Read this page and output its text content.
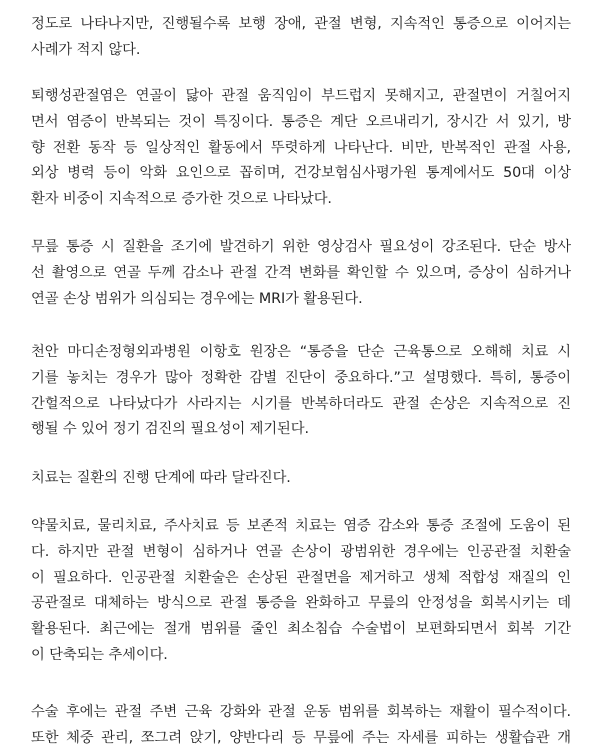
정도로 나타나지만, 진행될수록 보행 장애, 관절 변형, 지속적인 통증으로 이어지는
사례가 적지 않다.

퇴행성관절염은 연골이 닳아 관절 움직임이 부드럽지 못해지고, 관절면이 거칠어지
면서 염증이 반복되는 것이 특징이다. 통증은 계단 오르내리기, 장시간 서 있기, 방
향 전환 동작 등 일상적인 활동에서 뚜렷하게 나타난다. 비만, 반복적인 관절 사용,
외상 병력 등이 악화 요인으로 꼽히며, 건강보험심사평가원 통계에서도 50대 이상
환자 비중이 지속적으로 증가한 것으로 나타났다.

무릎 통증 시 질환을 조기에 발견하기 위한 영상검사 필요성이 강조된다. 단순 방사
선 촬영으로 연골 두께 감소나 관절 간격 변화를 확인할 수 있으며, 증상이 심하거나
연골 손상 범위가 의심되는 경우에는 MRI가 활용된다.

천안 마디손정형외과병원 이항호 원장은 “통증을 단순 근육통으로 오해해 치료 시
기를 놓치는 경우가 많아 정확한 감별 진단이 중요하다.”고 설명했다. 특히, 통증이
간헐적으로 나타났다가 사라지는 시기를 반복하더라도 관절 손상은 지속적으로 진
행될 수 있어 정기 검진의 필요성이 제기된다.

치료는 질환의 진행 단계에 따라 달라진다.

약물치료, 물리치료, 주사치료 등 보존적 치료는 염증 감소와 통증 조절에 도움이 된
다. 하지만 관절 변형이 심하거나 연골 손상이 광범위한 경우에는 인공관절 치환술
이 필요하다. 인공관절 치환술은 손상된 관절면을 제거하고 생체 적합성 재질의 인
공관절로 대체하는 방식으로 관절 통증을 완화하고 무릎의 안정성을 회복시키는 데
활용된다. 최근에는 절개 범위를 줄인 최소침습 수술법이 보편화되면서 회복 기간
이 단축되는 추세이다.

수술 후에는 관절 주변 근육 강화와 관절 운동 범위를 회복하는 재활이 필수적이다.
또한 체중 관리, 쪼그려 앉기, 양반다리 등 무릎에 주는 자세를 피하는 생활습관 개
